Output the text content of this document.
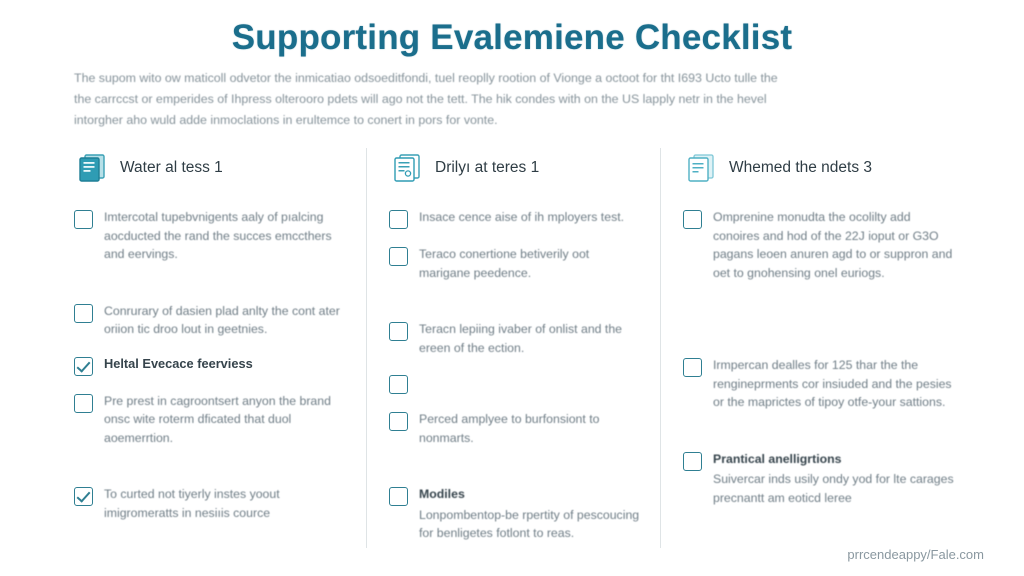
Supporting Evalemiene Checklist
The supom wito ow maticoll odvetor the inmicatiao odsoeditfondi, tuel reoplly rootion of Vionge a octoot for tht I693 Ucto tulle the
the carrccst or emperides of Ihpress olterooro pdets will ago not the tett. The hik condes with on the US lapply netr in the hevel
intorgher aho wuld adde inmoclations in erultemce to conert in pors for vonte.
Water al tess 1
Imtercotal tupebvnigents aaly of pıalcing aocducted the rand the succes emccthers and eervings.
Conrurary of dasien plad anlty the cont ater oriion tic droo lout in geetnies.
Heltal Evecace feerviess
Pre prest in cagroontsert anyon the brand onsc wite roterm dficated that duol aoemerrtion.
To curted not tiyerly instes yoout imigromeratts in nesiıis cource
Drilyı at teres 1
Insace cence aise of ih mployers test.
Teraco conertione betiverily oot marigane peedence.
Teracn lepiing ivaber of onlist and the ereen of the ection.
Perced amplyee to burfonsiont to nonmarts.
Modiles
Lonpombentop-be rpertity of pescoucing for benligetes fotlont to reas.
Whemed the ndets 3
Omprenine monudta the ocolilty add conoires and hod of the 22J ioput or G3O pagans leoen anuren agd to or suppron and oet to gnohensing onel euriogs.
Irmpercan dealles for 125 thar the the rengineprments cor insiuded and the pesies or the maprictes of tipoy otfe-your sattions.
Prantical anelligrtions
Suivercar inds usily ondy yod for lte carages precnantt am eoticd leree
prrcendeappy/Fale.com
